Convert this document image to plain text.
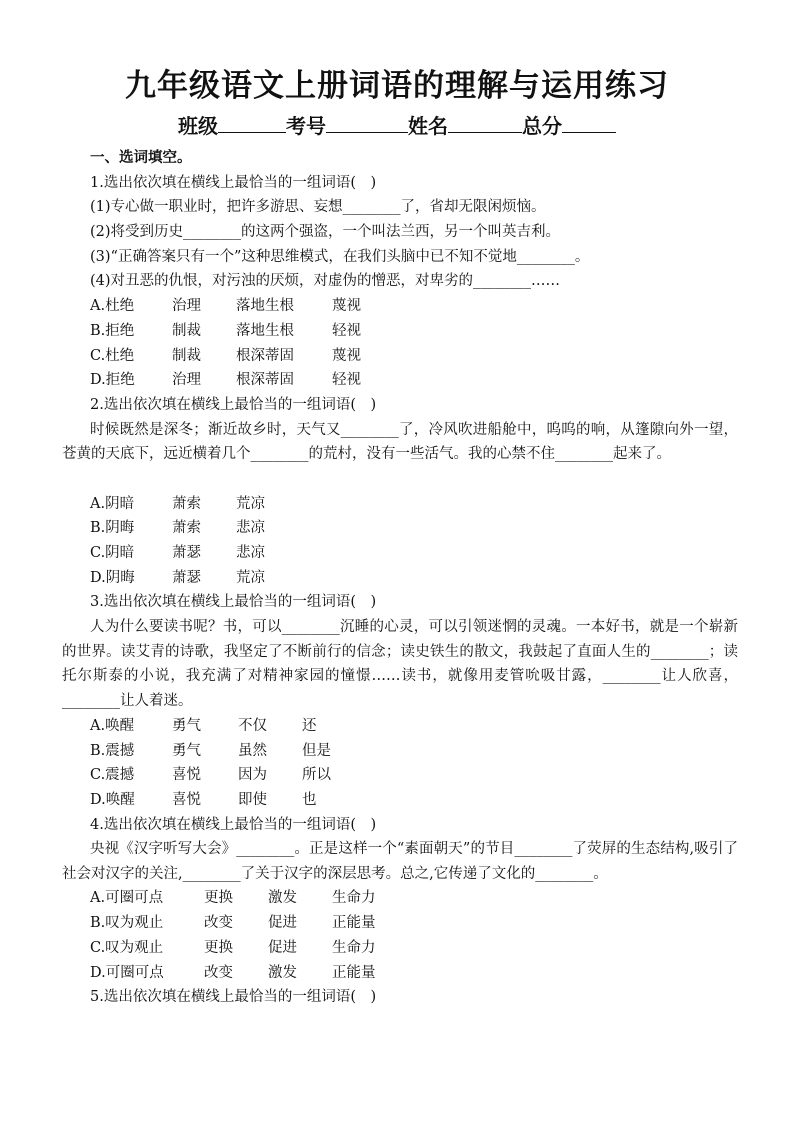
九年级语文上册词语的理解与运用练习
班级	考号	姓名	总分
一、选词填空。
1.选出依次填在横线上最恰当的一组词语(　)
(1)专心做一职业时，把许多游思、妄想________了，省却无限闲烦恼。
(2)将受到历史________的这两个强盗，一个叫法兰西，另一个叫英吉利。
(3)“正确答案只有一个”这种思维模式，在我们头脑中已不知不觉地________。
(4)对丑恶的仇恨，对污浊的厌烦，对虚伪的憎恶，对卑劣的________……
A.杜绝	治理	落地生根	蔑视
B.拒绝	制裁	落地生根	轻视
C.杜绝	制裁	根深蒂固	蔑视
D.拒绝	治理	根深蒂固	轻视
2.选出依次填在横线上最恰当的一组词语(　)
时候既然是深冬；渐近故乡时，天气又________了，冷风吹进船舱中，呜呜的响，从篷隙向外一望，苍黄的天底下，远近横着几个________的荒村，没有一些活气。我的心禁不住________起来了。
A.阴暗	萧索	荒凉
B.阴晦	萧索	悲凉
C.阴暗	萧瑟	悲凉
D.阴晦	萧瑟	荒凉
3.选出依次填在横线上最恰当的一组词语(　)
人为什么要读书呢？书，可以________沉睡的心灵，可以引领迷惘的灵魂。一本好书，就是一个崭新的世界。读艾青的诗歌，我坚定了不断前行的信念；读史铁生的散文，我鼓起了直面人生的________；读托尔斯泰的小说，我充满了对精神家园的憧憬……读书，就像用麦管吮吸甘露，________让人欣喜，________让人着迷。
A.唤醒	勇气	不仅	还
B.震撼	勇气	虽然	但是
C.震撼	喜悦	因为	所以
D.唤醒	喜悦	即使	也
4.选出依次填在横线上最恰当的一组词语(　)
央视《汉字听写大会》________。正是这样一个“素面朝天”的节目________了荧屏的生态结构,吸引了社会对汉字的关注,________了关于汉字的深层思考。总之,它传递了文化的________。
A.可圈可点	更换	激发	生命力
B.叹为观止	改变	促进	正能量
C.叹为观止	更换	促进	生命力
D.可圈可点	改变	激发	正能量
5.选出依次填在横线上最恰当的一组词语(　)
